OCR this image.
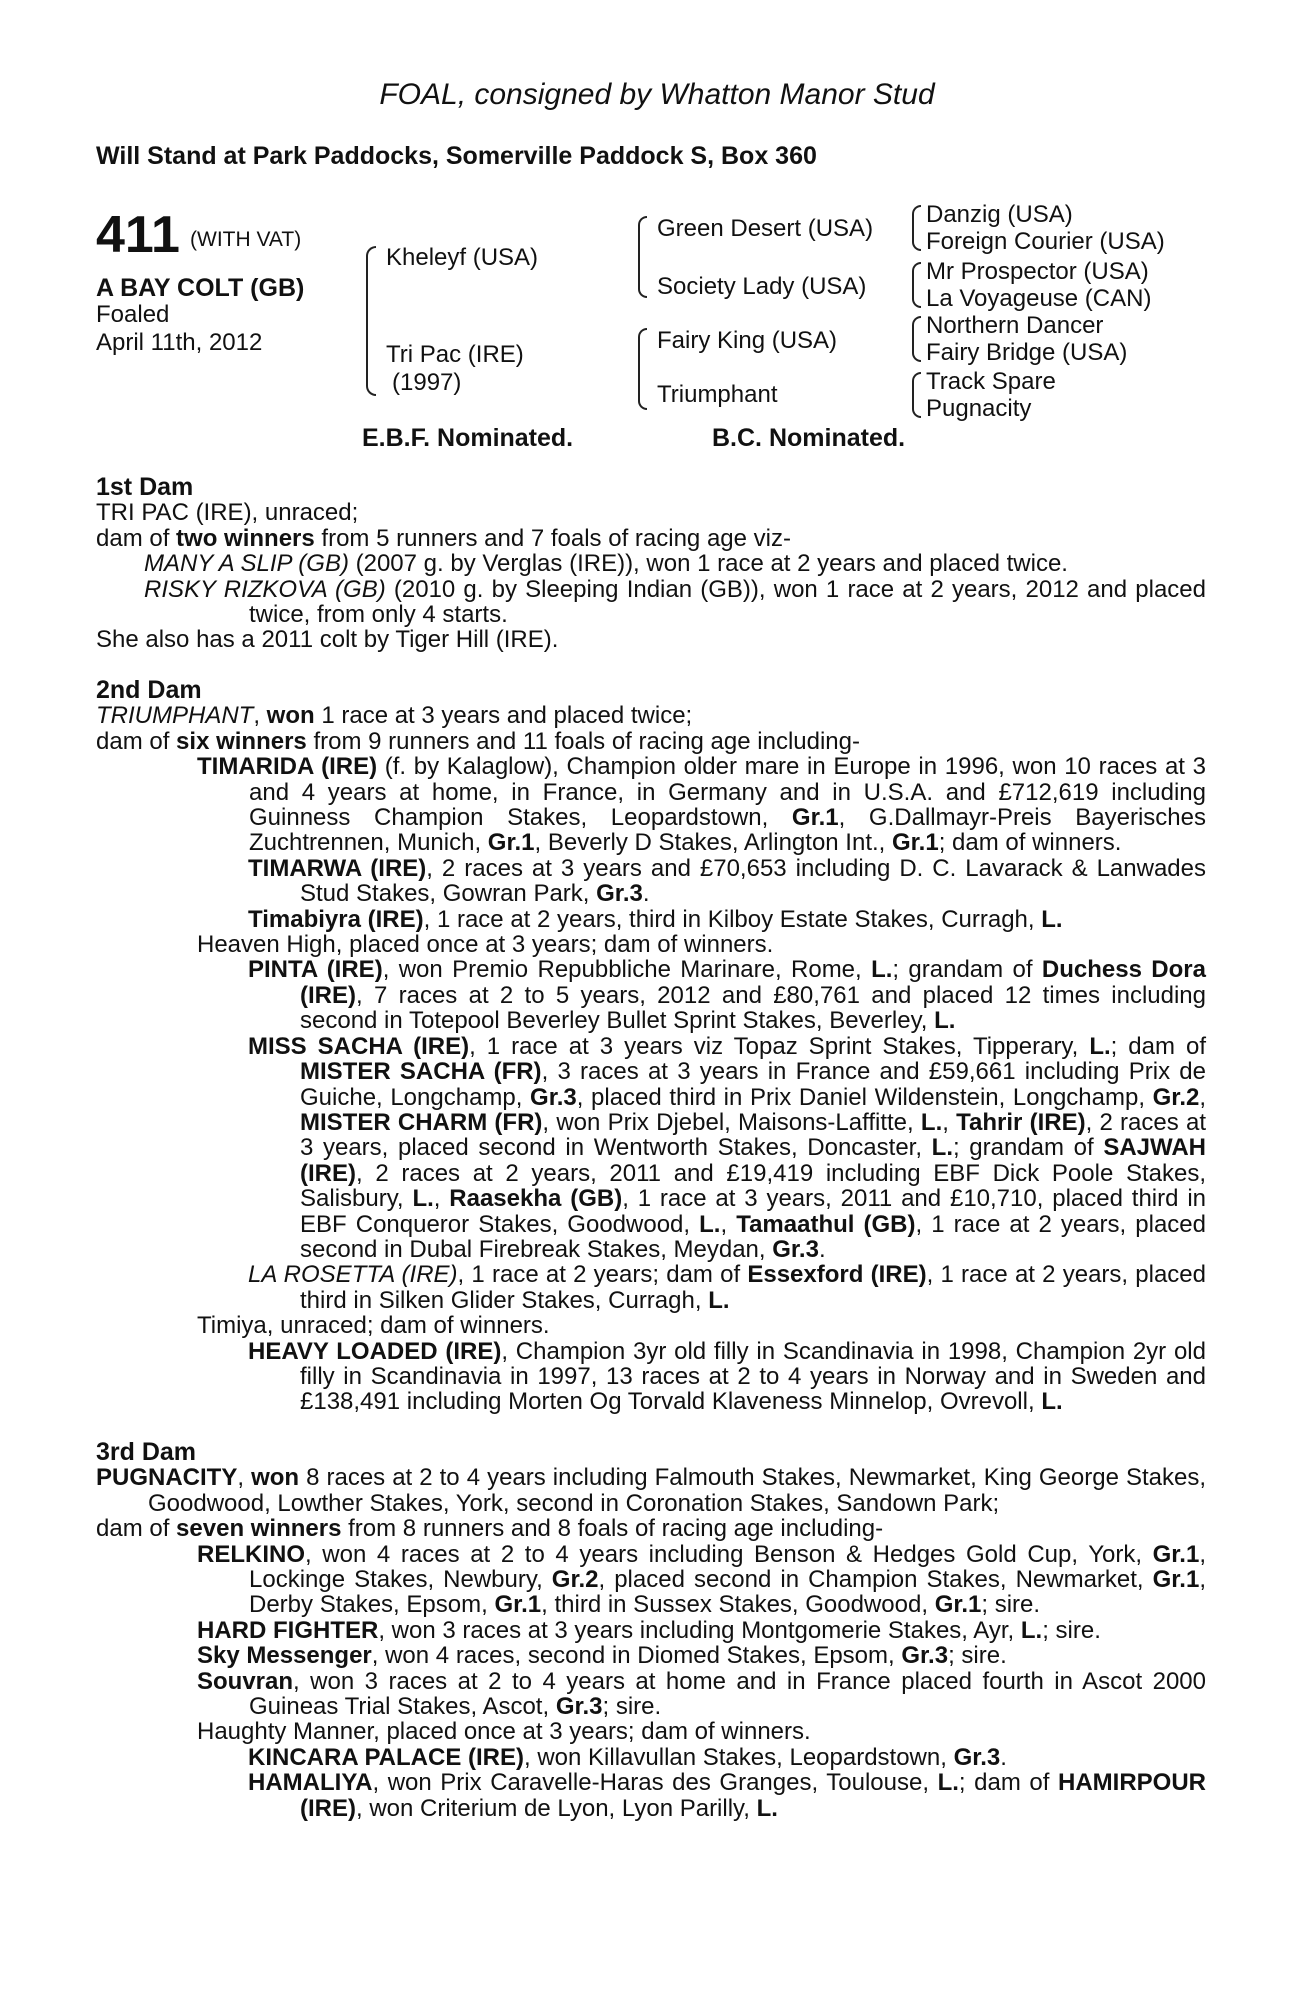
FOAL, consigned by Whatton Manor Stud
Will Stand at Park Paddocks, Somerville Paddock S, Box 360
411 (WITH VAT)
A BAY COLT (GB)
Foaled
April 11th, 2012
Kheleyf (USA)
Tri Pac (IRE)
(1997)
Green Desert (USA)
Society Lady (USA)
Fairy King (USA)
Triumphant
Danzig (USA)
Foreign Courier (USA)
Mr Prospector (USA)
La Voyageuse (CAN)
Northern Dancer
Fairy Bridge (USA)
Track Spare
Pugnacity
E.B.F. Nominated.	B.C. Nominated.

1st Dam

TRI PAC (IRE), unraced;

dam of two winners from 5 runners and 7 foals of racing age viz-

MANY A SLIP (GB) (2007 g. by Verglas (IRE)), won 1 race at 2 years and placed twice.

RISKY RIZKOVA (GB) (2010 g. by Sleeping Indian (GB)), won 1 race at 2 years, 2012 and placed twice, from only 4 starts.

She also has a 2011 colt by Tiger Hill (IRE).

2nd Dam

TRIUMPHANT, won 1 race at 3 years and placed twice;

dam of six winners from 9 runners and 11 foals of racing age including-

TIMARIDA (IRE) (f. by Kalaglow), Champion older mare in Europe in 1996, won 10 races at 3 and 4 years at home, in France, in Germany and in U.S.A. and £712,619 including Guinness Champion Stakes, Leopardstown, Gr.1, G.Dallmayr-Preis Bayerisches Zuchtrennen, Munich, Gr.1, Beverly D Stakes, Arlington Int., Gr.1; dam of winners.

TIMARWA (IRE), 2 races at 3 years and £70,653 including D. C. Lavarack & Lanwades Stud Stakes, Gowran Park, Gr.3.

Timabiyra (IRE), 1 race at 2 years, third in Kilboy Estate Stakes, Curragh, L.

Heaven High, placed once at 3 years; dam of winners.

PINTA (IRE), won Premio Repubbliche Marinare, Rome, L.; grandam of Duchess Dora (IRE), 7 races at 2 to 5 years, 2012 and £80,761 and placed 12 times including second in Totepool Beverley Bullet Sprint Stakes, Beverley, L.

MISS SACHA (IRE), 1 race at 3 years viz Topaz Sprint Stakes, Tipperary, L.; dam of MISTER SACHA (FR), 3 races at 3 years in France and £59,661 including Prix de Guiche, Longchamp, Gr.3, placed third in Prix Daniel Wildenstein, Longchamp, Gr.2, MISTER CHARM (FR), won Prix Djebel, Maisons-Laffitte, L., Tahrir (IRE), 2 races at 3 years, placed second in Wentworth Stakes, Doncaster, L.; grandam of SAJWAH (IRE), 2 races at 2 years, 2011 and £19,419 including EBF Dick Poole Stakes, Salisbury, L., Raasekha (GB), 1 race at 3 years, 2011 and £10,710, placed third in EBF Conqueror Stakes, Goodwood, L., Tamaathul (GB), 1 race at 2 years, placed second in Dubal Firebreak Stakes, Meydan, Gr.3.

LA ROSETTA (IRE), 1 race at 2 years; dam of Essexford (IRE), 1 race at 2 years, placed third in Silken Glider Stakes, Curragh, L.

Timiya, unraced; dam of winners.

HEAVY LOADED (IRE), Champion 3yr old filly in Scandinavia in 1998, Champion 2yr old filly in Scandinavia in 1997, 13 races at 2 to 4 years in Norway and in Sweden and £138,491 including Morten Og Torvald Klaveness Minnelop, Ovrevoll, L.

3rd Dam

PUGNACITY, won 8 races at 2 to 4 years including Falmouth Stakes, Newmarket, King George Stakes, Goodwood, Lowther Stakes, York, second in Coronation Stakes, Sandown Park;

dam of seven winners from 8 runners and 8 foals of racing age including-

RELKINO, won 4 races at 2 to 4 years including Benson & Hedges Gold Cup, York, Gr.1, Lockinge Stakes, Newbury, Gr.2, placed second in Champion Stakes, Newmarket, Gr.1, Derby Stakes, Epsom, Gr.1, third in Sussex Stakes, Goodwood, Gr.1; sire.

HARD FIGHTER, won 3 races at 3 years including Montgomerie Stakes, Ayr, L.; sire.

Sky Messenger, won 4 races, second in Diomed Stakes, Epsom, Gr.3; sire.

Souvran, won 3 races at 2 to 4 years at home and in France placed fourth in Ascot 2000 Guineas Trial Stakes, Ascot, Gr.3; sire.

Haughty Manner, placed once at 3 years; dam of winners.

KINCARA PALACE (IRE), won Killavullan Stakes, Leopardstown, Gr.3.

HAMALIYA, won Prix Caravelle-Haras des Granges, Toulouse, L.; dam of HAMIRPOUR (IRE), won Criterium de Lyon, Lyon Parilly, L.
